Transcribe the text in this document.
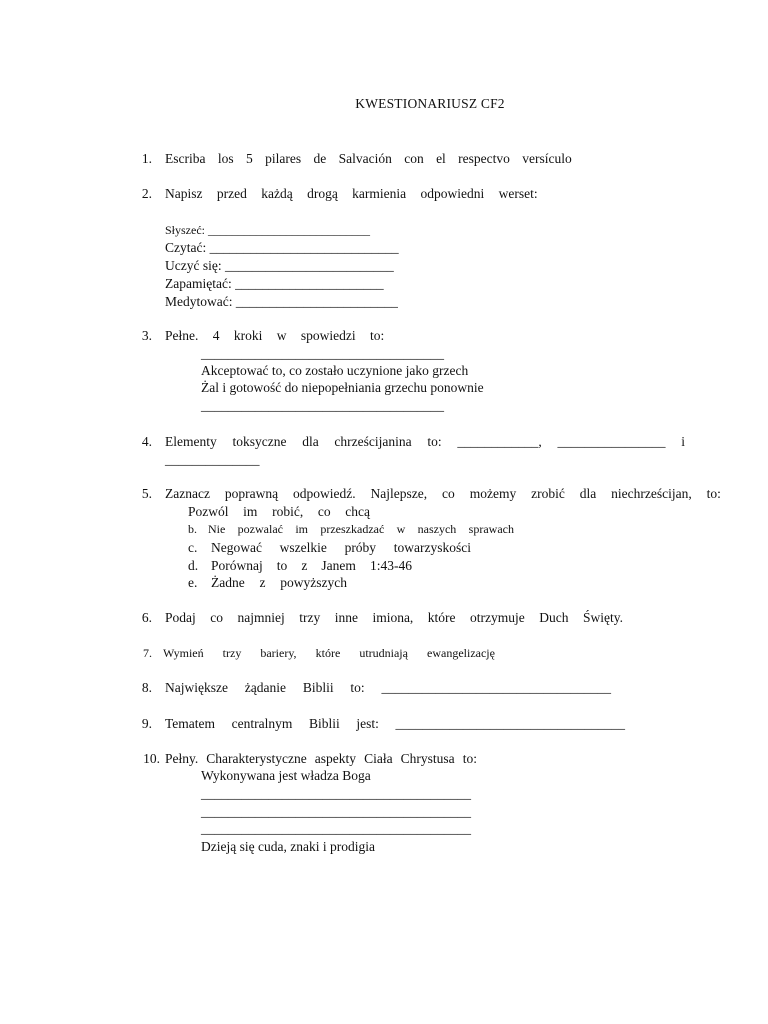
KWESTIONARIUSZ CF2
1. Escriba los 5 pilares de Salvación con el respectvo versículo
2. Napisz przed każdą drogą karmienia odpowiedni werset:
Słyszeć: ___________________________
Czytać: ____________________________
Uczyć się: _________________________
Zapamiętać: ______________________
Medytować: ________________________
3. Pełne. 4 kroki w spowiedzi to:
____________________________________
Akceptować to, co zostało uczynione jako grzech
Żal i gotowość do niepopełniania grzechu ponownie
____________________________________
4. Elementy toksyczne dla chrześcijanina to: ____________, ________________ i
______________
5. Zaznacz poprawną odpowiedź. Najlepsze, co możemy zrobić dla niechrześcijan, to:
Pozwól im robić, co chcą
b. Nie pozwalać im przeszkadzać w naszych sprawach
c. Negować wszelkie próby towarzyskości
d. Porównaj to z Janem 1:43-46
e. Żadne z powyższych
6. Podaj co najmniej trzy inne imiona, które otrzymuje Duch Święty.
7. Wymień trzy bariery, które utrudniają ewangelizację
8. Największe żądanie Biblii to: __________________________________
9. Tematem centralnym Biblii jest: __________________________________
10. Pełny. Charakterystyczne aspekty Ciała Chrystusa to:
Wykonywana jest władza Boga
________________________________________
________________________________________
________________________________________
Dzieją się cuda, znaki i prodigia
